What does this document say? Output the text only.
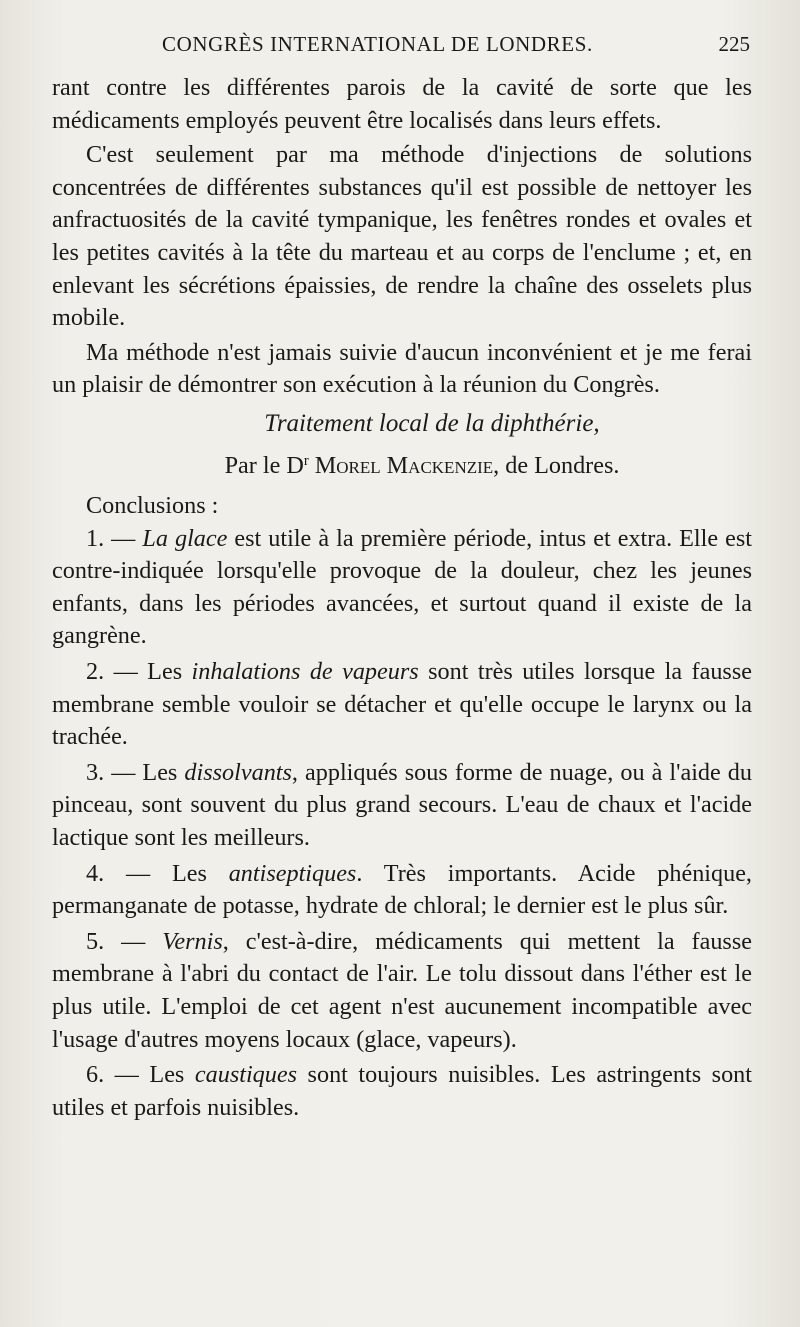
CONGRÈS INTERNATIONAL DE LONDRES.	225

rant contre les différentes parois de la cavité de sorte que les médicaments employés peuvent être localisés dans leurs effets.

C'est seulement par ma méthode d'injections de solutions concentrées de différentes substances qu'il est possible de nettoyer les anfractuosités de la cavité tympanique, les fenêtres rondes et ovales et les petites cavités à la tête du marteau et au corps de l'enclume ; et, en enlevant les sécrétions épaissies, de rendre la chaîne des osselets plus mobile.

Ma méthode n'est jamais suivie d'aucun inconvénient et je me ferai un plaisir de démontrer son exécution à la réunion du Congrès.

Traitement local de la diphthérie,
Par le $D^r$ Morel Mackenzie, de Londres.

Conclusions :

1. — La glace est utile à la première période, intus et extra. Elle est contre-indiquée lorsqu'elle provoque de la douleur, chez les jeunes enfants, dans les périodes avancées, et surtout quand il existe de la gangrène.

2. — Les inhalations de vapeurs sont très utiles lorsque la fausse membrane semble vouloir se détacher et qu'elle occupe le larynx ou la trachée.

3. — Les dissolvants, appliqués sous forme de nuage, ou à l'aide du pinceau, sont souvent du plus grand secours. L'eau de chaux et l'acide lactique sont les meilleurs.

4. — Les antiseptiques. Très importants. Acide phénique, permanganate de potasse, hydrate de chloral; le dernier est le plus sûr.

5. — Vernis, c'est-à-dire, médicaments qui mettent la fausse membrane à l'abri du contact de l'air. Le tolu dissout dans l'éther est le plus utile. L'emploi de cet agent n'est aucunement incompatible avec l'usage d'autres moyens locaux (glace, vapeurs).

6. — Les caustiques sont toujours nuisibles. Les astringents sont utiles et parfois nuisibles.
